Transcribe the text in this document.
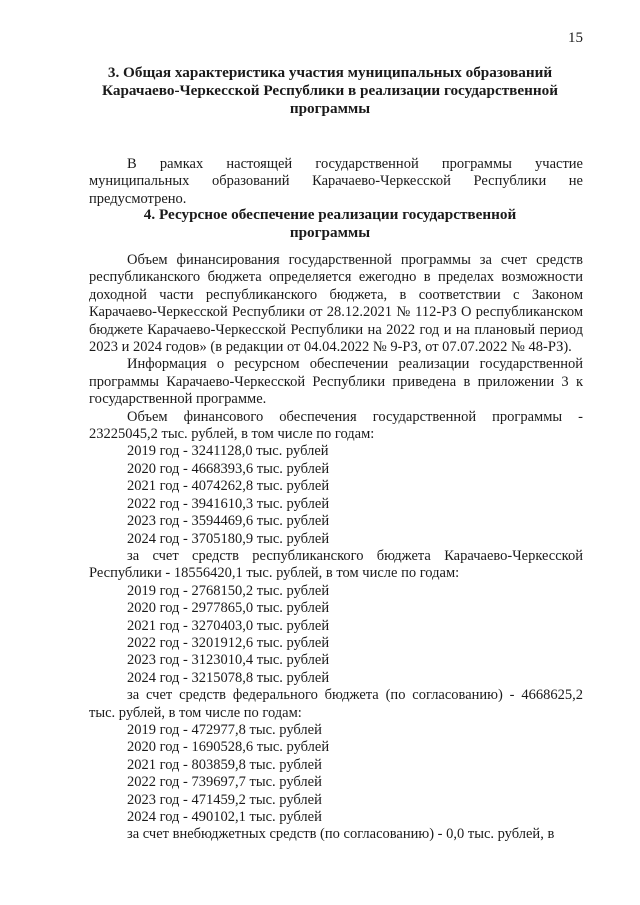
15
3. Общая характеристика участия муниципальных образований
Карачаево-Черкесской Республики в реализации государственной
программы

В рамках настоящей государственной программы участие муниципальных образований Карачаево-Черкесской Республики не предусмотрено.

4. Ресурсное обеспечение реализации государственной
программы

Объем финансирования государственной программы за счет средств республиканского бюджета определяется ежегодно в пределах возможности доходной части республиканского бюджета, в соответствии с Законом Карачаево-Черкесской Республики от 28.12.2021 № 112-РЗ О республиканском бюджете Карачаево-Черкесской Республики на 2022 год и на плановый период 2023 и 2024 годов» (в редакции от 04.04.2022 № 9-РЗ, от 07.07.2022 № 48-РЗ).

Информация о ресурсном обеспечении реализации государственной программы Карачаево-Черкесской Республики приведена в приложении 3 к государственной программе.

Объем финансового обеспечения государственной программы - 23225045,2 тыс. рублей, в том числе по годам:

2019 год - 3241128,0 тыс. рублей

2020 год - 4668393,6 тыс. рублей

2021 год - 4074262,8 тыс. рублей

2022 год - 3941610,3 тыс. рублей

2023 год - 3594469,6 тыс. рублей

2024 год - 3705180,9 тыс. рублей

за счет средств республиканского бюджета Карачаево-Черкесской Республики - 18556420,1 тыс. рублей, в том числе по годам:

2019 год - 2768150,2 тыс. рублей

2020 год - 2977865,0 тыс. рублей

2021 год - 3270403,0 тыс. рублей

2022 год - 3201912,6 тыс. рублей

2023 год - 3123010,4 тыс. рублей

2024 год - 3215078,8 тыс. рублей

за счет средств федерального бюджета (по согласованию) - 4668625,2 тыс. рублей, в том числе по годам:

2019 год - 472977,8 тыс. рублей

2020 год - 1690528,6 тыс. рублей

2021 год - 803859,8 тыс. рублей

2022 год - 739697,7 тыс. рублей

2023 год - 471459,2 тыс. рублей

2024 год - 490102,1 тыс. рублей

за счет внебюджетных средств (по согласованию) - 0,0 тыс. рублей, в
